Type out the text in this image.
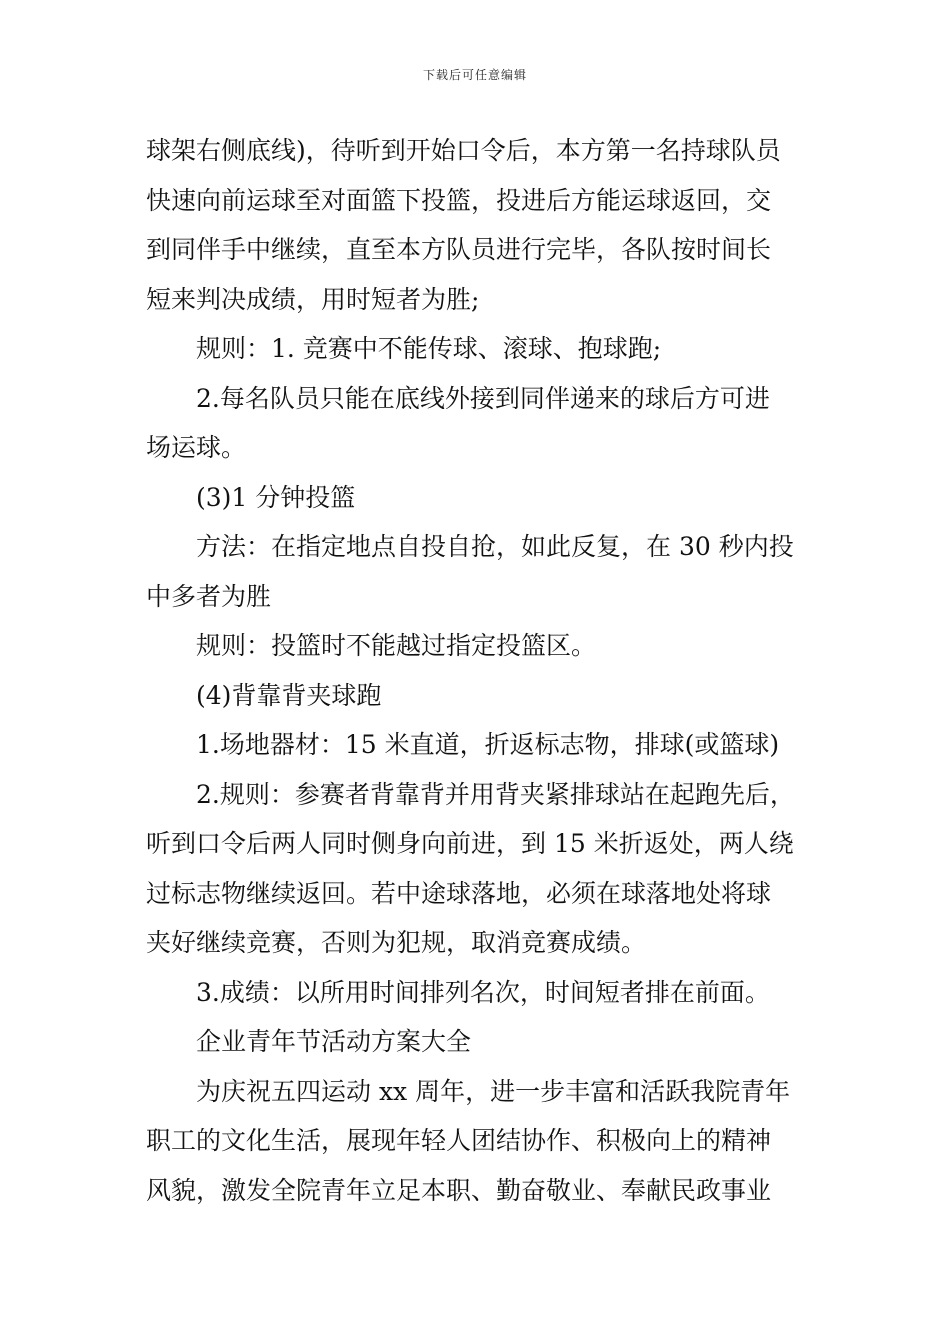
下载后可任意编辑
球架右侧底线)，待听到开始口令后，本方第一名持球队员
快速向前运球至对面篮下投篮，投进后方能运球返回，交
到同伴手中继续，直至本方队员进行完毕，各队按时间长
短来判决成绩，用时短者为胜;
规则：1. 竞赛中不能传球、滚球、抱球跑;
2.每名队员只能在底线外接到同伴递来的球后方可进
场运球。
(3)1 分钟投篮
方法：在指定地点自投自抢，如此反复，在 30 秒内投
中多者为胜
规则：投篮时不能越过指定投篮区。
(4)背靠背夹球跑
1.场地器材：15 米直道，折返标志物，排球(或篮球)
2.规则：参赛者背靠背并用背夹紧排球站在起跑先后，
听到口令后两人同时侧身向前进，到 15 米折返处，两人绕
过标志物继续返回。若中途球落地，必须在球落地处将球
夹好继续竞赛，否则为犯规，取消竞赛成绩。
3.成绩：以所用时间排列名次，时间短者排在前面。
企业青年节活动方案大全
为庆祝五四运动 xx 周年，进一步丰富和活跃我院青年
职工的文化生活，展现年轻人团结协作、积极向上的精神
风貌，激发全院青年立足本职、勤奋敬业、奉献民政事业
